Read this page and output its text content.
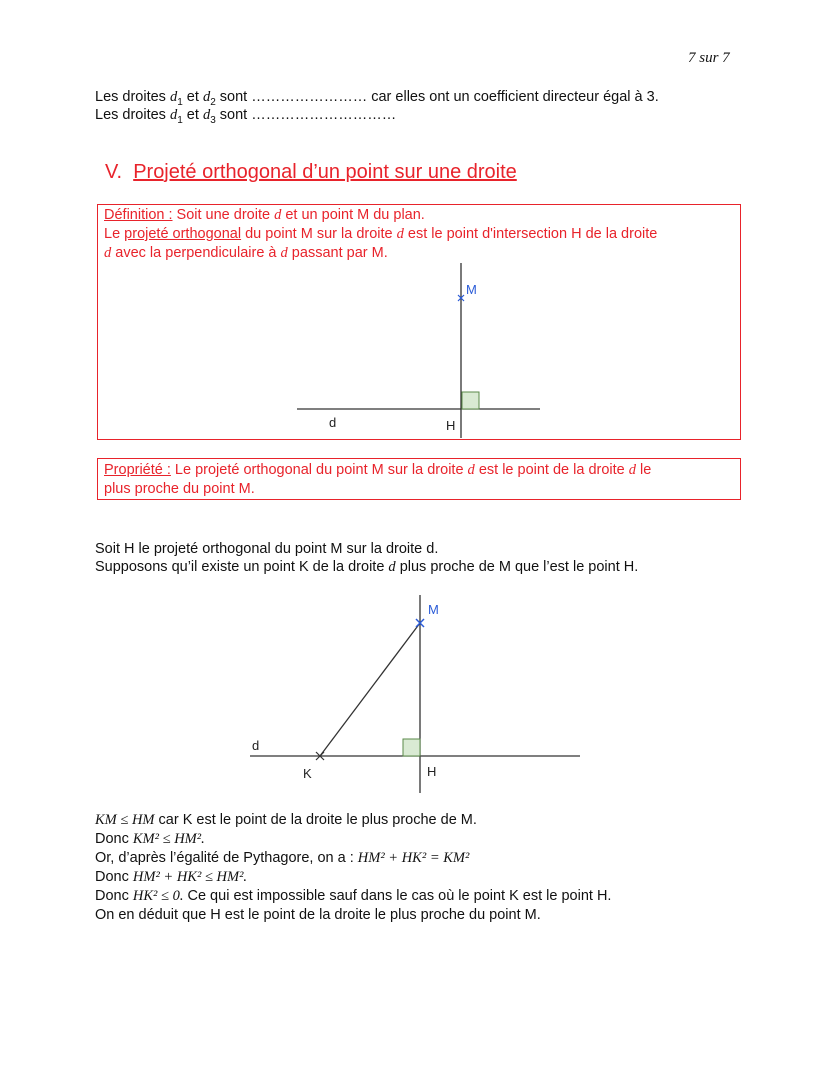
7 sur 7
Les droites $d_1$ et $d_2$ sont …………………… car elles ont un coefficient directeur égal à 3.
Les droites $d_1$ et $d_3$ sont …………………………
V. Projeté orthogonal d’un point sur une droite
Définition : Soit une droite d et un point M du plan.
Le projeté orthogonal du point M sur la droite d est le point d'intersection H de la droite
d avec la perpendiculaire à d passant par M.
M
d	H
Propriété : Le projeté orthogonal du point M sur la droite d est le point de la droite d le
plus proche du point M.
Soit H le projeté orthogonal du point M sur la droite d.
Supposons qu’il existe un point K de la droite d plus proche de M que l’est le point H.
M
d
K	H
KM ≤ HM car K est le point de la droite le plus proche de M.
Donc KM² ≤ HM².
Or, d’après l’égalité de Pythagore, on a : HM² + HK² = KM²
Donc HM² + HK² ≤ HM².
Donc HK² ≤ 0. Ce qui est impossible sauf dans le cas où le point K est le point H.
On en déduit que H est le point de la droite le plus proche du point M.
